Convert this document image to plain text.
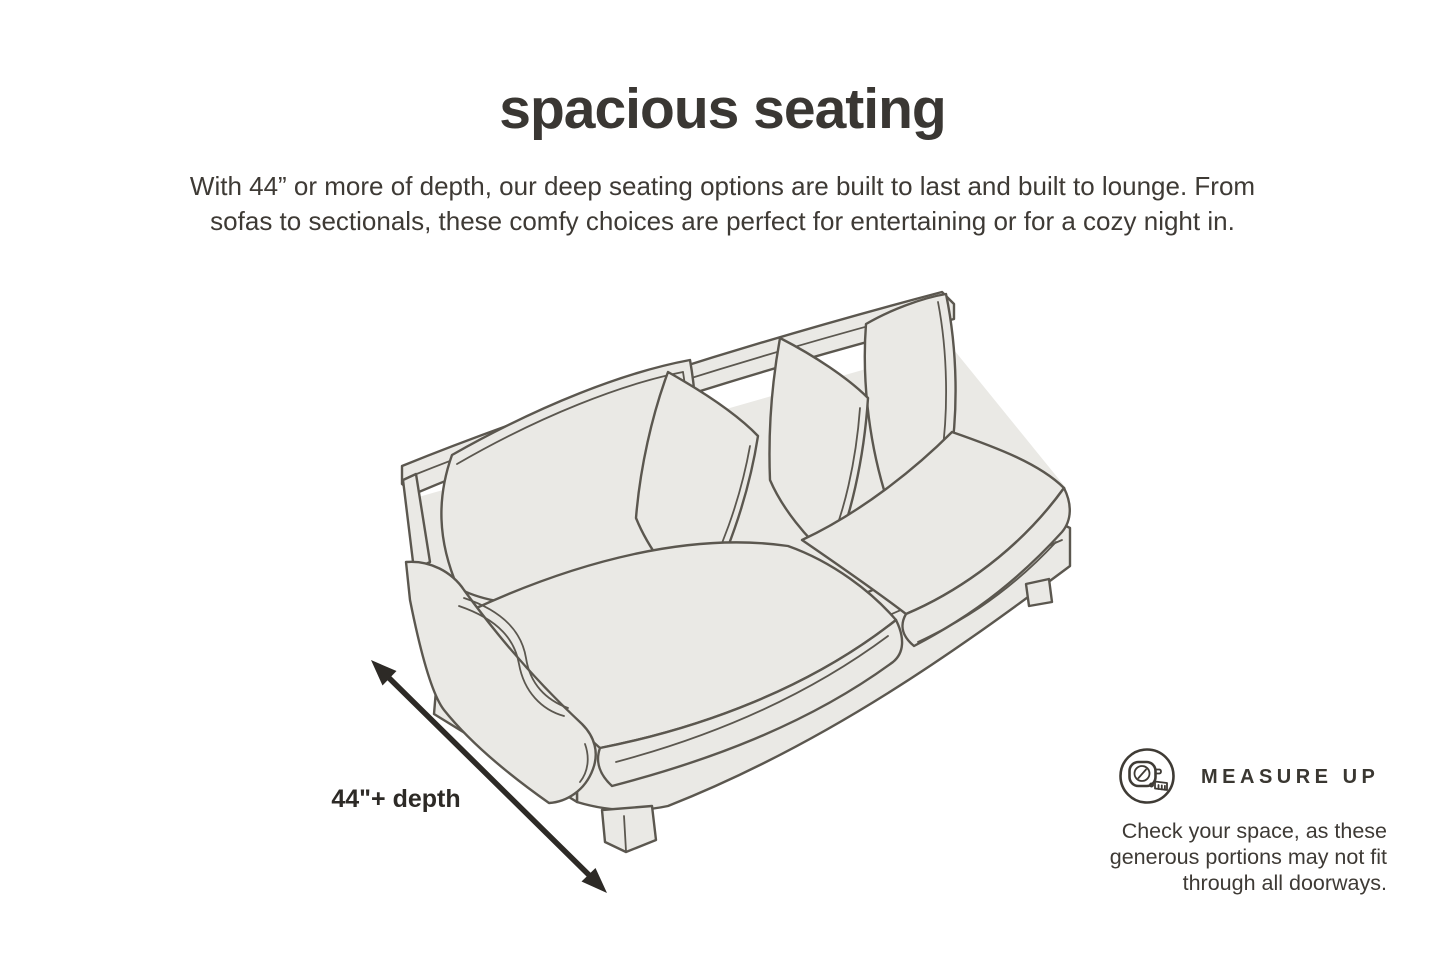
spacious seating
With 44” or more of depth, our deep seating options are built to last and built to lounge. From
sofas to sectionals, these comfy choices are perfect for entertaining or for a cozy night in.
44"+ depth
MEASURE UP
Check your space, as these
generous portions may not fit
through all doorways.
